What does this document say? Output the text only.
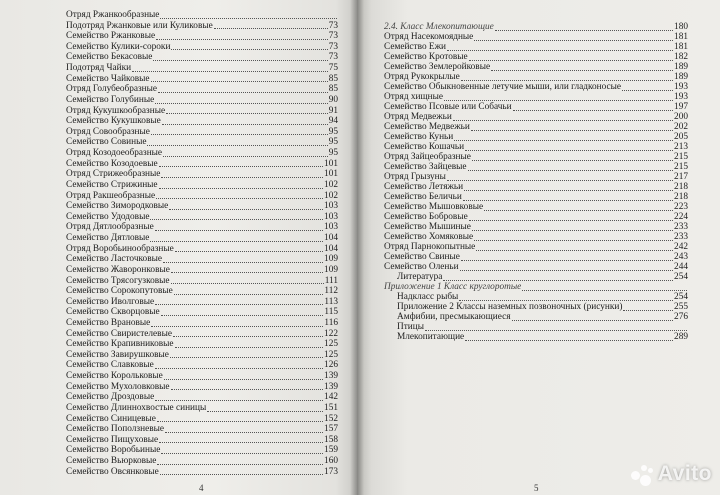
Отряд Ржанкообразные
Подотряд Ржанковые или Куликовые	73
Семейство Ржанковые	73
Семейство Кулики-сороки	73
Семейство Бекасовые	73
Подотряд Чайки	75
Семейство Чайковые	85
Отряд Голубеобразные	85
Семейство Голубиные	90
Отряд Кукушкообразные	91
Семейство Кукушковые	94
Отряд Совообразные	95
Семейство Совиные	95
Отряд Козодоеобразные	95
Семейство Козодоевые	101
Отряд Стрижеобразные	101
Семейство Стрижиные	102
Отряд Ракшеобразные	102
Семейство Зимородковые	103
Семейство Удодовые	103
Отряд Дятлообразные	103
Семейство Дятловые	104
Отряд Воробьинообразные	104
Семейство Ласточковые	109
Семейство Жаворонковые	109
Семейство Трясогузковые	111
Семейство Сорокопутовые	112
Семейство Иволговые	113
Семейство Скворцовые	115
Семейство Врановые	116
Семейство Свиристелевые	122
Семейство Крапивниковые	125
Семейство Завирушковые	125
Семейство Славковые	126
Семейство Корольковые	139
Семейство Мухоловковые	139
Семейство Дроздовые	142
Семейство Длиннохвостые синицы	151
Семейство Синицевые	152
Семейство Поползневые	157
Семейство Пищуховые	158
Семейство Воробьиные	159
Семейство Вьюрковые	160
Семейство Овсянковые	173
4
2.4. Класс Млекопитающие	180
Отряд Насекомоядные	181
Семейство Ежи	181
Семейство Кротовые	182
Семейство Землеройковые	189
Отряд Рукокрылые	189
Семейство Обыкновенные летучие мыши, или гладконосые	193
Отряд хищные	193
Семейство Псовые или Собачьи	197
Отряд Медвежьи	200
Семейство Медвежьи	202
Семейство Куньи	205
Семейство Кошачьи	213
Отряд Зайцеобразные	215
Семейство Зайцевые	215
Отряд Грызуны	217
Семейство Летяжьи	218
Семейство Беличьи	218
Семейство Мышовковые	223
Семейство Бобровые	224
Семейство Мышиные	233
Семейство Хомяковые	233
Отряд Парнокопытные	242
Семейство Свиные	243
Семейство Оленьи	244
Литература	254
Приложение 1 Класс круглоротые
Надкласс рыбы	254
Приложение 2 Классы наземных позвоночных (рисунки)	255
Амфибии, пресмыкающиеся	276
Птицы
Млекопитающие	289
5
Avito
